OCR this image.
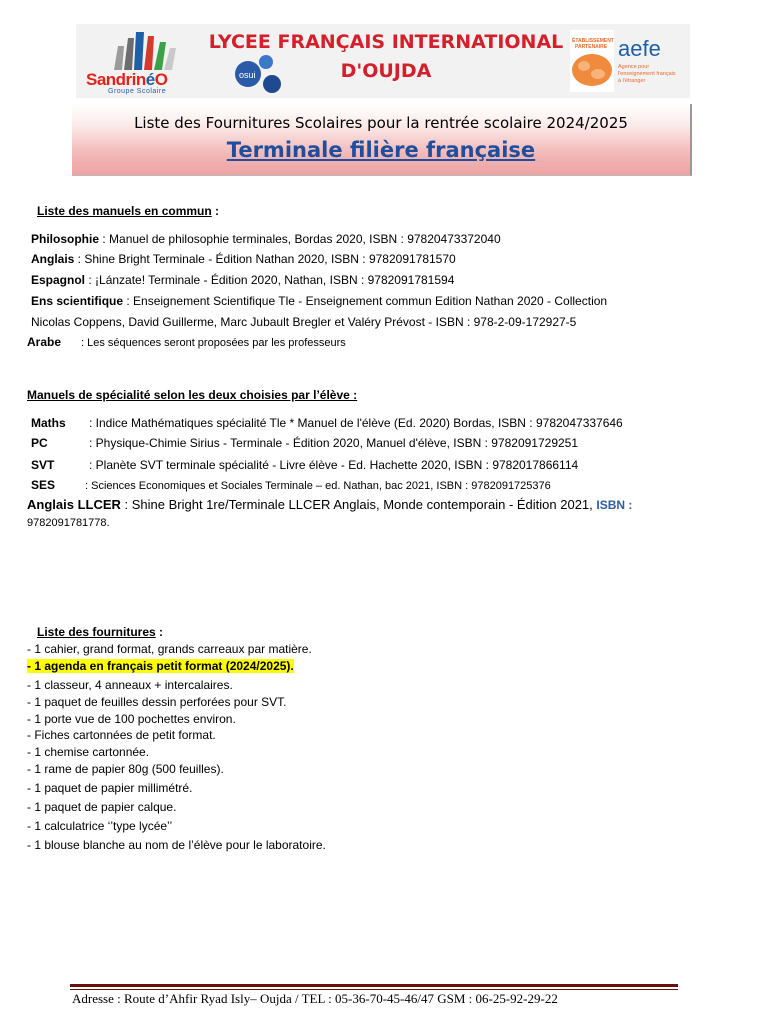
SandrinéO
Groupe Scolaire
LYCEE FRANÇAIS INTERNATIONAL
D'OUJDA
osui
ÉTABLISSEMENT
PARTENAIRE aefe
Agence pour
l'enseignement français
à l'étranger
Liste des Fournitures Scolaires pour la rentrée scolaire 2024/2025
Terminale filière française
Liste des manuels en commun :
Philosophie : Manuel de philosophie terminales, Bordas 2020, ISBN : 97820473372040
Anglais : Shine Bright Terminale - Édition Nathan 2020, ISBN : 9782091781570
Espagnol : ¡Lánzate! Terminale - Édition 2020, Nathan, ISBN : 9782091781594
Ens scientifique : Enseignement Scientifique Tle - Enseignement commun Edition Nathan 2020 - Collection
Nicolas Coppens, David Guillerme, Marc Jubault Bregler et Valéry Prévost - ISBN : 978-2-09-172927-5
Arabe : Les séquences seront proposées par les professeurs
Manuels de spécialité selon les deux choisies par l’élève :
Maths : Indice Mathématiques spécialité Tle * Manuel de l'élève (Ed. 2020) Bordas, ISBN : 9782047337646
PC	: Physique-Chimie Sirius - Terminale - Édition 2020, Manuel d'élève, ISBN : 9782091729251
SVT	: Planète SVT terminale spécialité - Livre élève - Ed. Hachette 2020, ISBN : 9782017866114
SES	: Sciences Economiques et Sociales Terminale – ed. Nathan, bac 2021, ISBN : 9782091725376
Anglais LLCER : Shine Bright 1re/Terminale LLCER Anglais, Monde contemporain - Édition 2021, ISBN :
9782091781778.
Liste des fournitures :
- 1 cahier, grand format, grands carreaux par matière.
- 1 agenda en français petit format (2024/2025).
- 1 classeur, 4 anneaux + intercalaires.
- 1 paquet de feuilles dessin perforées pour SVT.
- 1 porte vue de 100 pochettes environ.
- Fiches cartonnées de petit format.
- 1 chemise cartonnée.
- 1 rame de papier 80g (500 feuilles).
- 1 paquet de papier millimétré.
- 1 paquet de papier calque.
- 1 calculatrice ‘’type lycée’’
- 1 blouse blanche au nom de l’élève pour le laboratoire.
Adresse : Route d’Ahfir Ryad Isly– Oujda / TEL : 05-36-70-45-46/47 GSM : 06-25-92-29-22
